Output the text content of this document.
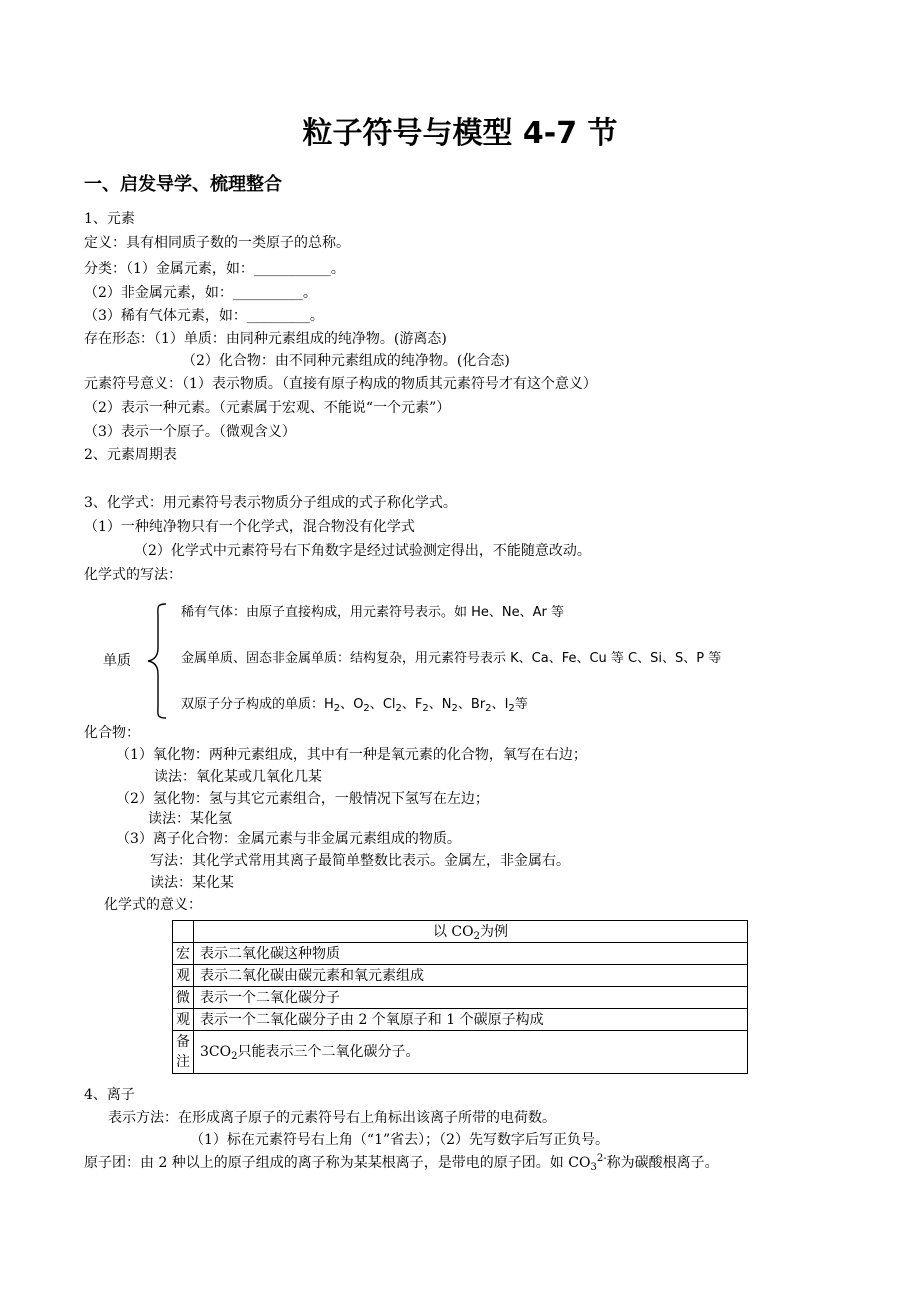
粒子符号与模型 4-7 节
一、启发导学、梳理整合
1、元素
定义：具有相同质子数的一类原子的总称。
分类：（1）金属元素，如：___________。
（2）非金属元素，如：__________。
（3）稀有气体元素，如：_________。
存在形态：（1）单质：由同种元素组成的纯净物。(游离态)
（2）化合物：由不同种元素组成的纯净物。(化合态)
元素符号意义：（1）表示物质。（直接有原子构成的物质其元素符号才有这个意义）
（2）表示一种元素。（元素属于宏观、不能说“一个元素”）
（3）表示一个原子。（微观含义）
2、元素周期表
3、化学式：用元素符号表示物质分子组成的式子称化学式。
（1）一种纯净物只有一个化学式，混合物没有化学式
（2）化学式中元素符号右下角数字是经过试验测定得出，不能随意改动。
化学式的写法：
单质
稀有气体：由原子直接构成，用元素符号表示。如 He、Ne、Ar 等
金属单质、固态非金属单质：结构复杂，用元素符号表示 K、Ca、Fe、Cu 等 C、Si、S、P 等
双原子分子构成的单质：$H_2$、$O_2$、$Cl_2$、$F_2$、$N_2$、$Br_2$、$I_2$等
化合物：
（1）氧化物：两种元素组成，其中有一种是氧元素的化合物，氧写在右边；
读法：氧化某或几氧化几某
（2）氢化物：氢与其它元素组合，一般情况下氢写在左边；
读法：某化氢
（3）离子化合物：金属元素与非金属元素组成的物质。
写法：其化学式常用其离子最简单整数比表示。金属左，非金属右。
读法：某化某
化学式的意义：
	以 $CO_2$为例
宏	表示二氧化碳这种物质
观	表示二氧化碳由碳元素和氧元素组成
微	表示一个二氧化碳分子
观	表示一个二氧化碳分子由 2 个氧原子和 1 个碳原子构成
备
注	$3CO_2$只能表示三个二氧化碳分子。
4、离子
表示方法：在形成离子原子的元素符号右上角标出该离子所带的电荷数。
（1）标在元素符号右上角（“1”省去）；（2）先写数字后写正负号。
原子团：由 2 种以上的原子组成的离子称为某某根离子，是带电的原子团。如 $CO_3^{2-}$称为碳酸根离子。
